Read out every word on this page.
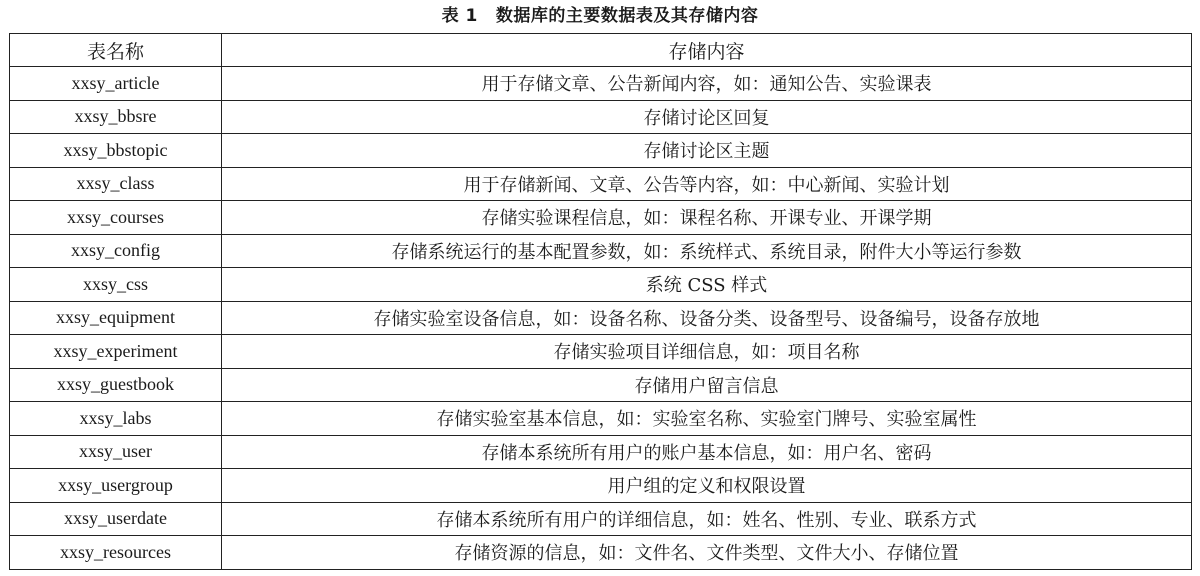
表 1 数据库的主要数据表及其存储内容
表名称	存储内容
xxsy_article	用于存储文章、公告新闻内容，如：通知公告、实验课表
xxsy_bbsre	存储讨论区回复
xxsy_bbstopic	存储讨论区主题
xxsy_class	用于存储新闻、文章、公告等内容，如：中心新闻、实验计划
xxsy_courses	存储实验课程信息，如：课程名称、开课专业、开课学期
xxsy_config	存储系统运行的基本配置参数，如：系统样式、系统目录，附件大小等运行参数
xxsy_css	系统 CSS 样式
xxsy_equipment	存储实验室设备信息，如：设备名称、设备分类、设备型号、设备编号，设备存放地
xxsy_experiment	存储实验项目详细信息，如：项目名称
xxsy_guestbook	存储用户留言信息
xxsy_labs	存储实验室基本信息，如：实验室名称、实验室门牌号、实验室属性
xxsy_user	存储本系统所有用户的账户基本信息，如：用户名、密码
xxsy_usergroup	用户组的定义和权限设置
xxsy_userdate	存储本系统所有用户的详细信息，如：姓名、性别、专业、联系方式
xxsy_resources	存储资源的信息，如：文件名、文件类型、文件大小、存储位置
